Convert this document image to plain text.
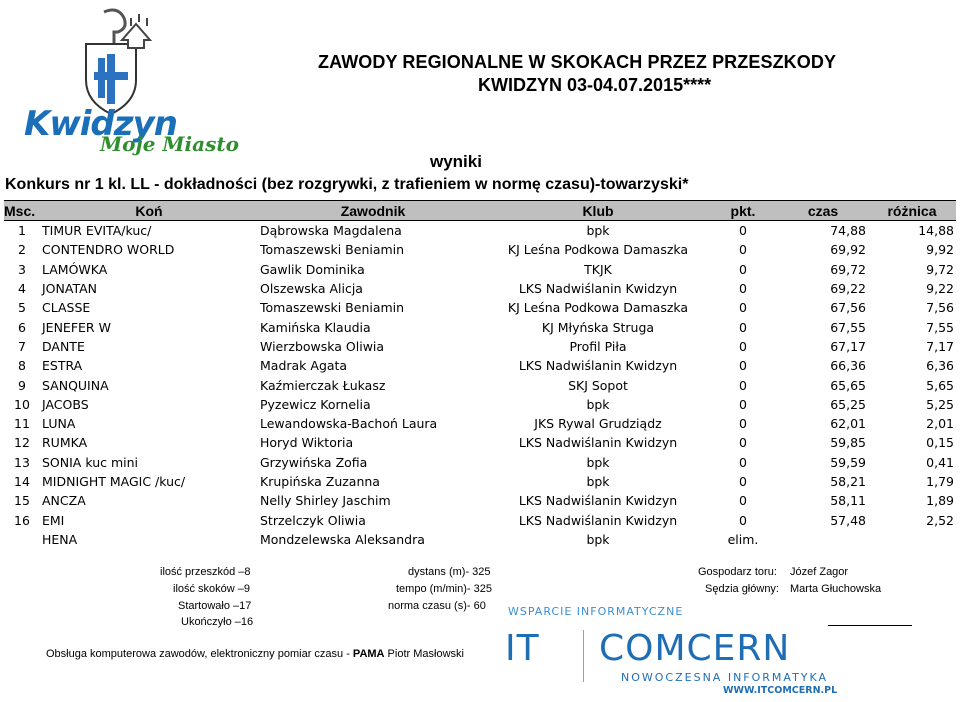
Kwidzyn
Moje Miasto
ZAWODY REGIONALNE W SKOKACH PRZEZ PRZESZKODY
KWIDZYN 03-04.07.2015****
wyniki
Konkurs nr 1 kl. LL - dokładności (bez rozgrywki, z trafieniem w normę czasu)-towarzyski*
Msc.	Koń	Zawodnik	Klub	pkt.	czas	różnica
1	TIMUR EVITA/kuc/	Dąbrowska Magdalena	bpk	0	74,88	14,88
2	CONTENDRO WORLD	Tomaszewski Beniamin	KJ Leśna Podkowa Damaszka	0	69,92	9,92
3	LAMÓWKA	Gawlik Dominika	TKJK	0	69,72	9,72
4	JONATAN	Olszewska Alicja	LKS Nadwiślanin Kwidzyn	0	69,22	9,22
5	CLASSE	Tomaszewski Beniamin	KJ Leśna Podkowa Damaszka	0	67,56	7,56
6	JENEFER W	Kamińska Klaudia	KJ Młyńska Struga	0	67,55	7,55
7	DANTE	Wierzbowska Oliwia	Profil Piła	0	67,17	7,17
8	ESTRA	Madrak Agata	LKS Nadwiślanin Kwidzyn	0	66,36	6,36
9	SANQUINA	Kaźmierczak Łukasz	SKJ Sopot	0	65,65	5,65
10	JACOBS	Pyzewicz Kornelia	bpk	0	65,25	5,25
11	LUNA	Lewandowska-Bachoń Laura	JKS Rywal Grudziądz	0	62,01	2,01
12	RUMKA	Horyd Wiktoria	LKS Nadwiślanin Kwidzyn	0	59,85	0,15
13	SONIA kuc mini	Grzywińska Zofia	bpk	0	59,59	0,41
14	MIDNIGHT MAGIC /kuc/	Krupińska Zuzanna	bpk	0	58,21	1,79
15	ANCZA	Nelly Shirley Jaschim	LKS Nadwiślanin Kwidzyn	0	58,11	1,89
16	EMI	Strzelczyk Oliwia	LKS Nadwiślanin Kwidzyn	0	57,48	2,52
	HENA	Mondzelewska Aleksandra	bpk	elim.		
ilość przeszkód –8
ilość skoków –9
Startowało –17
Ukończyło –16
dystans (m)- 325
tempo (m/min)- 325
norma czasu (s)- 60
Gospodarz toru: Józef Zagor
Sędzia główny: Marta Głuchowska
Obsługa komputerowa zawodów, elektroniczny pomiar czasu - PAMA Piotr Masłowski
WSPARCIE INFORMATYCZNE
IT COMCERN
NOWOCZESNA INFORMATYKA
WWW.ITCOMCERN.PL
